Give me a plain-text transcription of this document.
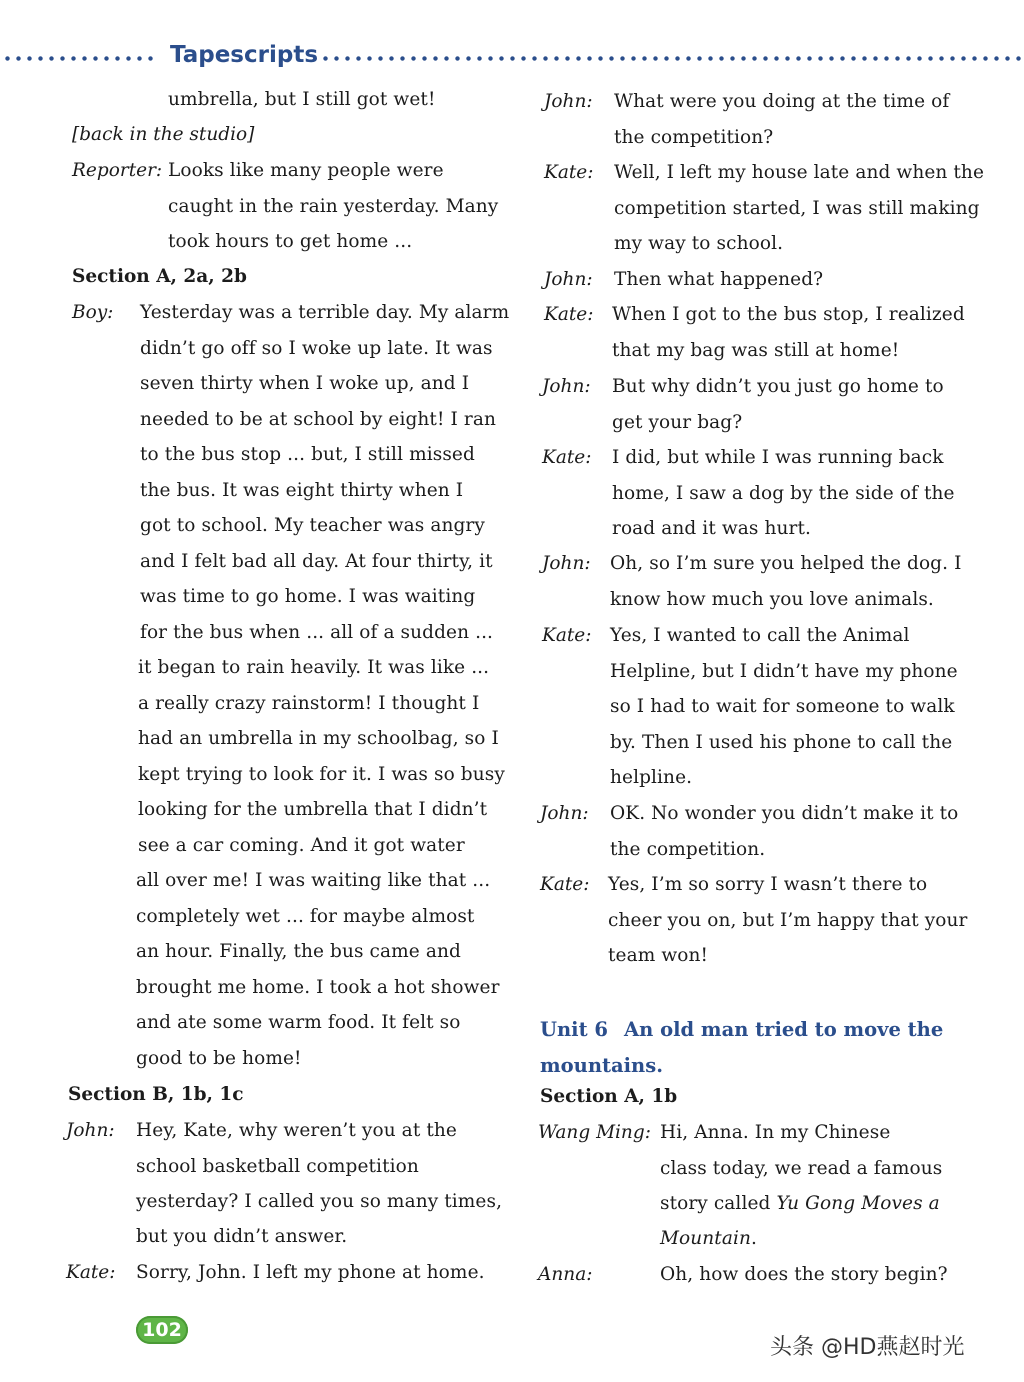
Tapescripts
umbrella, but I still got wet!
[back in the studio]
Reporter: Looks like many people were
caught in the rain yesterday. Many
took hours to get home ...
Section A, 2a, 2b
Boy: Yesterday was a terrible day. My alarm
didn’t go off so I woke up late. It was
seven thirty when I woke up, and I
needed to be at school by eight! I ran
to the bus stop ... but, I still missed
the bus. It was eight thirty when I
got to school. My teacher was angry
and I felt bad all day. At four thirty, it
was time to go home. I was waiting
for the bus when ... all of a sudden ...
it began to rain heavily. It was like ...
a really crazy rainstorm! I thought I
had an umbrella in my schoolbag, so I
kept trying to look for it. I was so busy
looking for the umbrella that I didn’t
see a car coming. And it got water
all over me! I was waiting like that ...
completely wet ... for maybe almost
an hour. Finally, the bus came and
brought me home. I took a hot shower
and ate some warm food. It felt so
good to be home!
Section B, 1b, 1c
John: Hey, Kate, why weren’t you at the
school basketball competition
yesterday? I called you so many times,
but you didn’t answer.
Kate: Sorry, John. I left my phone at home.
John: What were you doing at the time of
the competition?
Kate: Well, I left my house late and when the
competition started, I was still making
my way to school.
John: Then what happened?
Kate: When I got to the bus stop, I realized
that my bag was still at home!
John: But why didn’t you just go home to
get your bag?
Kate: I did, but while I was running back
home, I saw a dog by the side of the
road and it was hurt.
John: Oh, so I’m sure you helped the dog. I
know how much you love animals.
Kate: Yes, I wanted to call the Animal
Helpline, but I didn’t have my phone
so I had to wait for someone to walk
by. Then I used his phone to call the
helpline.
John: OK. No wonder you didn’t make it to
the competition.
Kate: Yes, I’m so sorry I wasn’t there to
cheer you on, but I’m happy that your
team won!
Unit 6 An old man tried to move the
mountains.
Section A, 1b
Wang Ming: Hi, Anna. In my Chinese
class today, we read a famous
story called Yu Gong Moves a
Mountain.
Anna:	Oh, how does the story begin?
102
头条 @HD燕赵时光
